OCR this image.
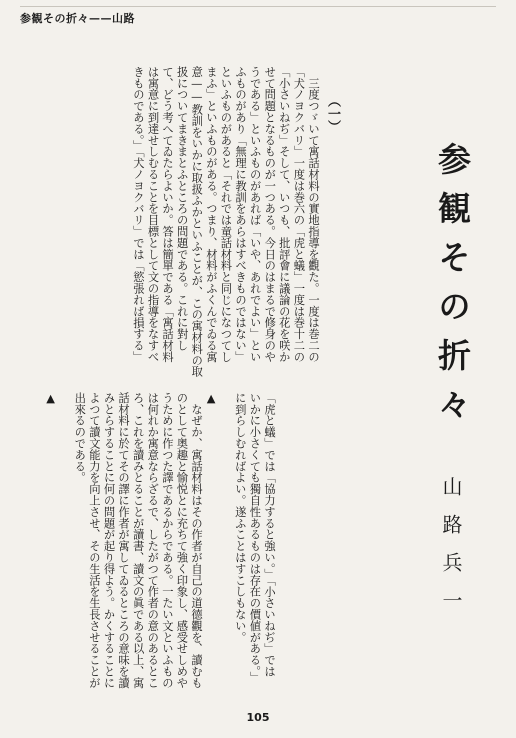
参観その折々——山路
　三度つゞいて寓話材料の實地指導を觀た。一度は巻二の
「犬ノヨクバリ」一度は巻六の「虎と蟻」一度は巻十二の
「小さいねぢ」そして、いつも、批評會に議論の花を咲か
せて問題となるものが一つある。今日のはまるで修身のや
うである」といふものがあれば「いや、あれでよい」とい
ふものがあり「無理に教訓をあらはすべきものではない」
といふものがあると「それでは童話材料と同じになつてし
まふ」といふものがある。つまり、材料がふくんでゐる寓
意——教訓をいかに取扱ふかといふことが、この寓材料の取
扱についてまきまとふところの問題である。これに對し
て、どう考へてゐたらよいか。答は簡單である「寓話材料
は寓意に到達せしむることを目標として文の指導をなすべ
きものである。」「犬ノヨクバリ」では「慾張れば損する」	（一）
参観その折々
「虎と蟻」では「協力すると強い。」「小さいねぢ」では
いかに小さくても獨自性あるものは存在の價値がある。」
に到らしむればよい。遂ふことはすこしもない。

▲
　なぜか、寓話材料はその作者が自己の道德觀を、讀むも
のとして奥趣と愉悦とに充ちて強く印象し、感受せしめや
うために作つた譯であるからである。一たい文といふもの
は何れか寓意ならざるで、したがつて作者の意のあるとこ
ろ、これを讀みとることが讀書、讀文の眞である以上、寓
話材料に於てその譯に作者が寓してゐるところの意味を讀
みとらすることに何の問題が起り得よう。かくすることに
よつて讀文能力を向上させ、その生活を生長させることが
出來るのである。

▲
山路兵一
105
